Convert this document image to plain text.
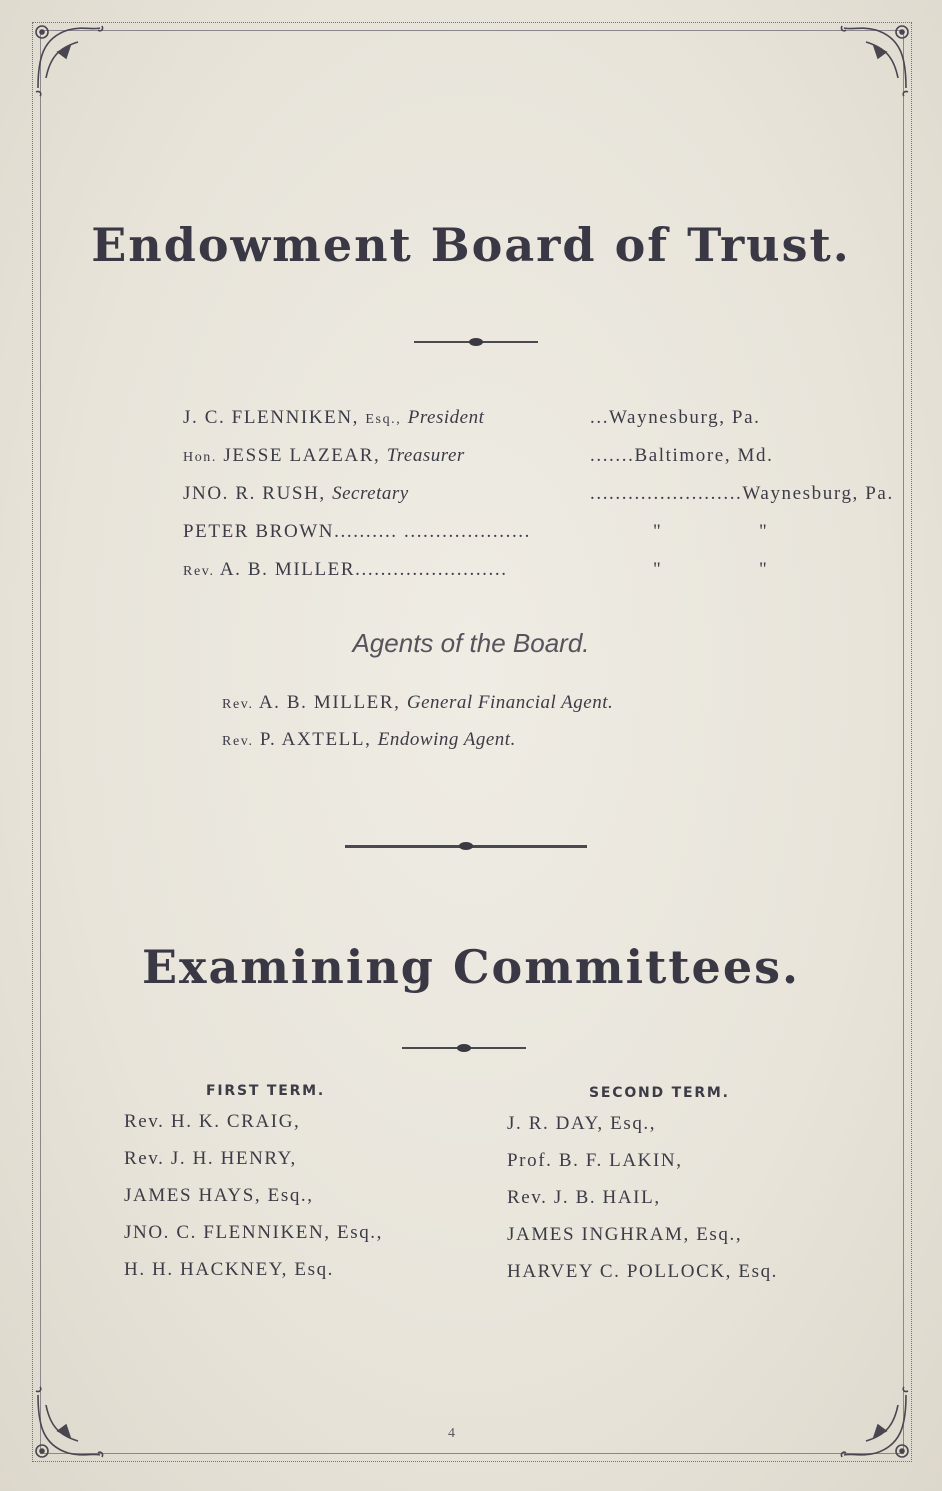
Endowment Board of Trust.
J. C. FLENNIKEN, Esq., President	...Waynesburg, Pa.
Hon. JESSE LAZEAR, Treasurer	.......Baltimore, Md.
JNO. R. RUSH, Secretary	........................Waynesburg, Pa.
PETER BROWN.......... ....................	"	"
Rev. A. B. MILLER........................	"	"
Agents of the Board.
Rev. A. B. MILLER, General Financial Agent.
Rev. P. AXTELL, Endowing Agent.
Examining Committees.
FIRST TERM.
Rev. H. K. CRAIG,
Rev. J. H. HENRY,
JAMES HAYS, Esq.,
JNO. C. FLENNIKEN, Esq.,
H. H. HACKNEY, Esq.
SECOND TERM.
J. R. DAY, Esq.,
Prof. B. F. LAKIN,
Rev. J. B. HAIL,
JAMES INGHRAM, Esq.,
HARVEY C. POLLOCK, Esq.
4
